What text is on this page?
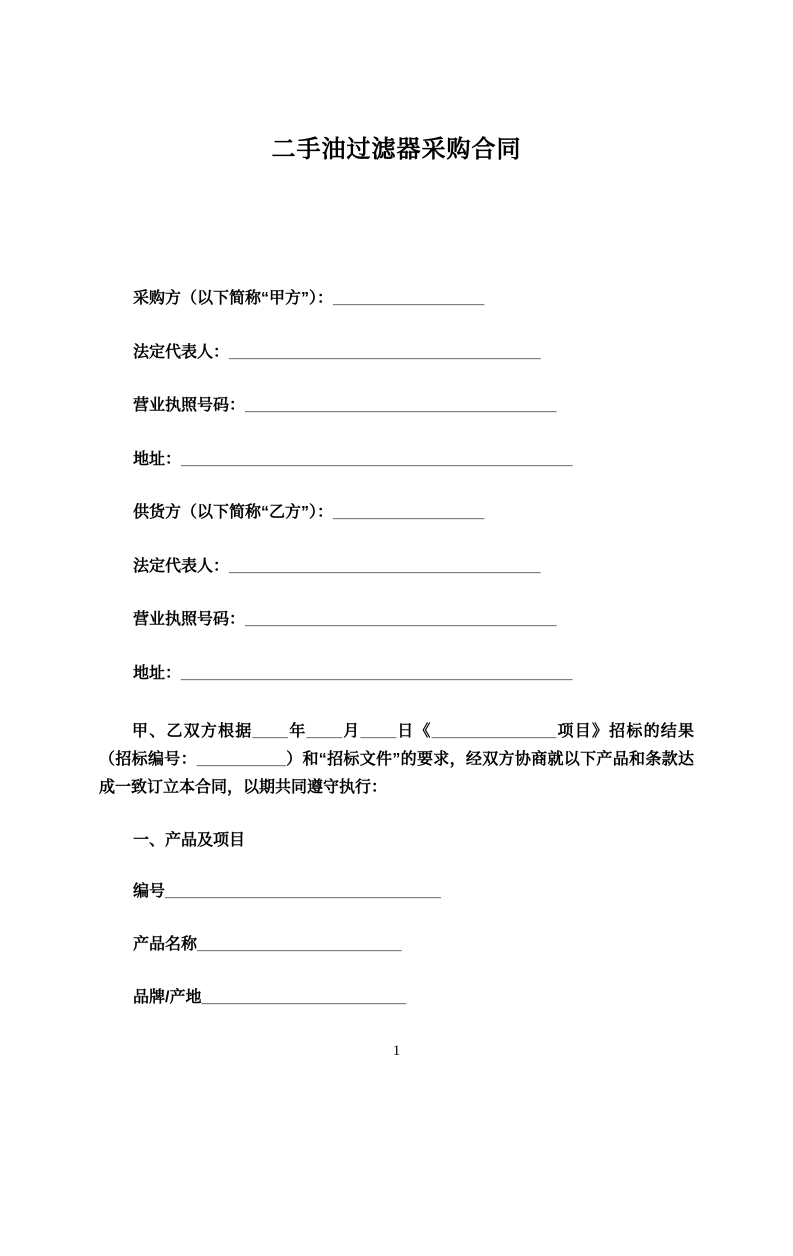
二手油过滤器采购合同
采购方（以下简称“甲方”）：_________________
法定代表人：___________________________________
营业执照号码：___________________________________
地址：____________________________________________
供货方（以下简称“乙方”）：_________________
法定代表人：___________________________________
营业执照号码：___________________________________
地址：____________________________________________

甲、乙双方根据____年____月____日《______________项目》招标的结果（招标编号：__________）和“招标文件”的要求，经双方协商就以下产品和条款达成一致订立本合同，以期共同遵守执行：

一、产品及项目
编号_______________________________
产品名称_______________________
品牌/产地_______________________
1
